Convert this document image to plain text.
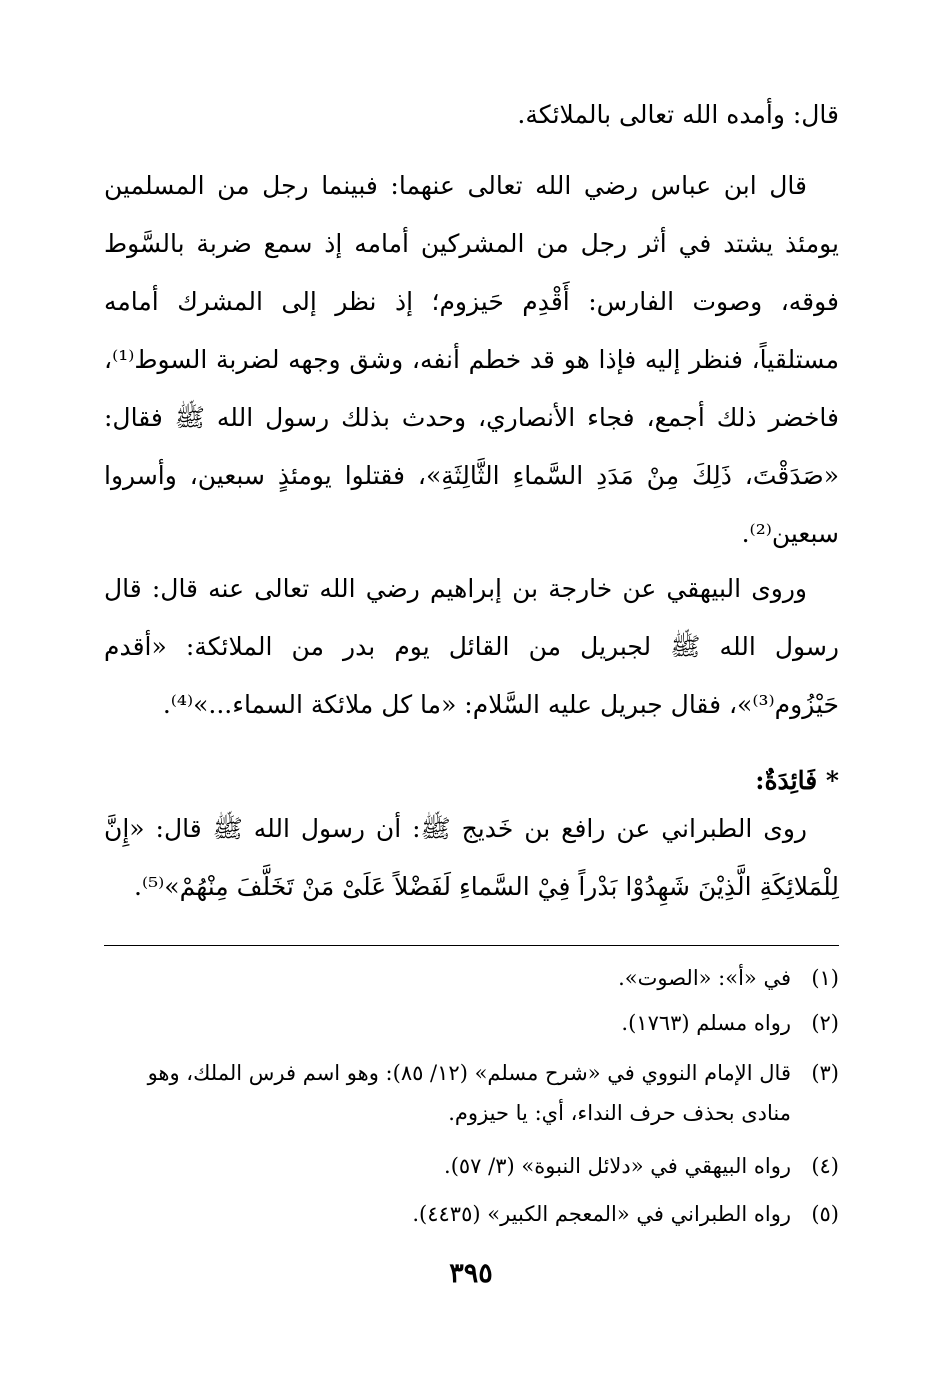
قال: وأمده الله تعالى بالملائكة.
قال ابن عباس رضي الله تعالى عنهما: فبينما رجل من المسلمين يومئذ يشتد في أثر رجل من المشركين أمامه إذ سمع ضربة بالسَّوط فوقه، وصوت الفارس: أَقْدِم حَيزوم؛ إذ نظر إلى المشرك أمامه مستلقياً، فنظر إليه فإذا هو قد خطم أنفه، وشق وجهه لضربة السوط⁽¹⁾، فاخضر ذلك أجمع، فجاء الأنصاري، وحدث بذلك رسول الله ﷺ فقال: «صَدَقْتَ، ذَلِكَ مِنْ مَدَدِ السَّماءِ الثَّالِثَةِ»، فقتلوا يومئذٍ سبعين، وأسروا سبعين⁽²⁾.
وروى البيهقي عن خارجة بن إبراهيم رضي الله تعالى عنه قال: قال رسول الله ﷺ لجبريل من القائل يوم بدر من الملائكة: «أقدم حَيْزُوم⁽³⁾»، فقال جبريل عليه السَّلام: «ما كل ملائكة السماء...»⁽⁴⁾.
* فَائِدَةٌ:
روى الطبراني عن رافع بن خَديج ﷺ: أن رسول الله ﷺ قال: «إِنَّ لِلْمَلائِكَةِ الَّذِيْنَ شَهِدُوْا بَدْراً فِيْ السَّماءِ لَفَضْلاً عَلَىْ مَنْ تَخَلَّفَ مِنْهُمْ»⁽⁵⁾.
(١)في «أ»: «الصوت».
(٢)رواه مسلم (١٧٦٣).
(٣)قال الإمام النووي في «شرح مسلم» (١٢/ ٨٥): وهو اسم فرس الملك، وهو منادى بحذف حرف النداء، أي: يا حيزوم.
(٤)رواه البيهقي في «دلائل النبوة» (٣/ ٥٧).
(٥)رواه الطبراني في «المعجم الكبير» (٤٤٣٥).
٣٩٥
